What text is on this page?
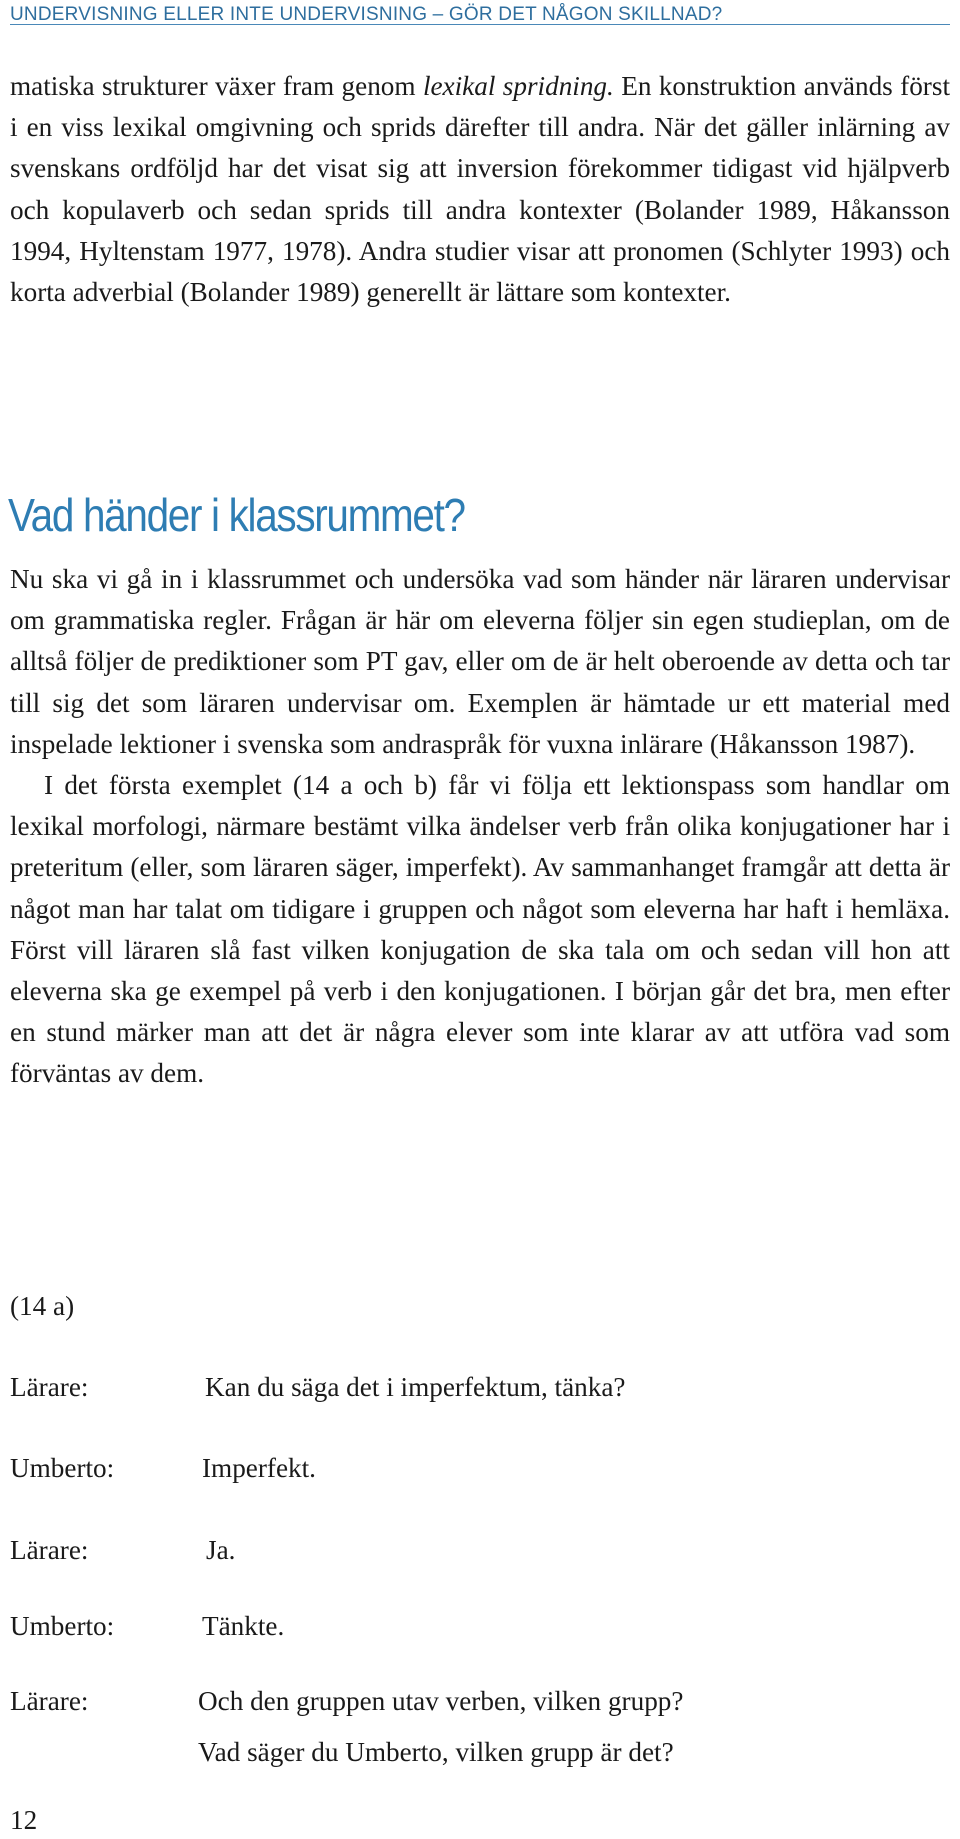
UNDERVISNING ELLER INTE UNDERVISNING – GÖR DET NÅGON SKILLNAD?

matiska strukturer växer fram genom lexikal spridning. En konstruktion används först i en viss lexikal omgivning och sprids därefter till andra. När det gäller inlärning av svenskans ordföljd har det visat sig att inversion förekommer tidigast vid hjälpverb och kopulaverb och sedan sprids till andra kontexter (Bolander 1989, Håkansson 1994, Hyltenstam 1977, 1978). Andra studier visar att pronomen (Schlyter 1993) och korta adverbial (Bolander 1989) generellt är lättare som kontexter.

Vad händer i klassrummet?

Nu ska vi gå in i klassrummet och undersöka vad som händer när läraren undervisar om grammatiska regler. Frågan är här om eleverna följer sin egen studieplan, om de alltså följer de prediktioner som PT gav, eller om de är helt oberoende av detta och tar till sig det som läraren undervisar om. Exemplen är hämtade ur ett material med inspelade lektioner i svenska som andraspråk för vuxna inlärare (Håkansson 1987).

I det första exemplet (14 a och b) får vi följa ett lektionspass som handlar om lexikal morfologi, närmare bestämt vilka ändelser verb från olika konjugationer har i preteritum (eller, som läraren säger, imperfekt). Av sammanhanget framgår att detta är något man har talat om tidigare i gruppen och något som eleverna har haft i hemläxa. Först vill läraren slå fast vilken konjugation de ska tala om och sedan vill hon att eleverna ska ge exempel på verb i den konjugationen. I början går det bra, men efter en stund märker man att det är några elever som inte klarar av att utföra vad som förväntas av dem.

(14 a)
Lärare:	Kan du säga det i imperfektum, tänka?
Umberto:	Imperfekt.
Lärare:	Ja.
Umberto:	Tänkte.
Lärare:	Och den gruppen utav verben, vilken grupp?
Vad säger du Umberto, vilken grupp är det?
12
